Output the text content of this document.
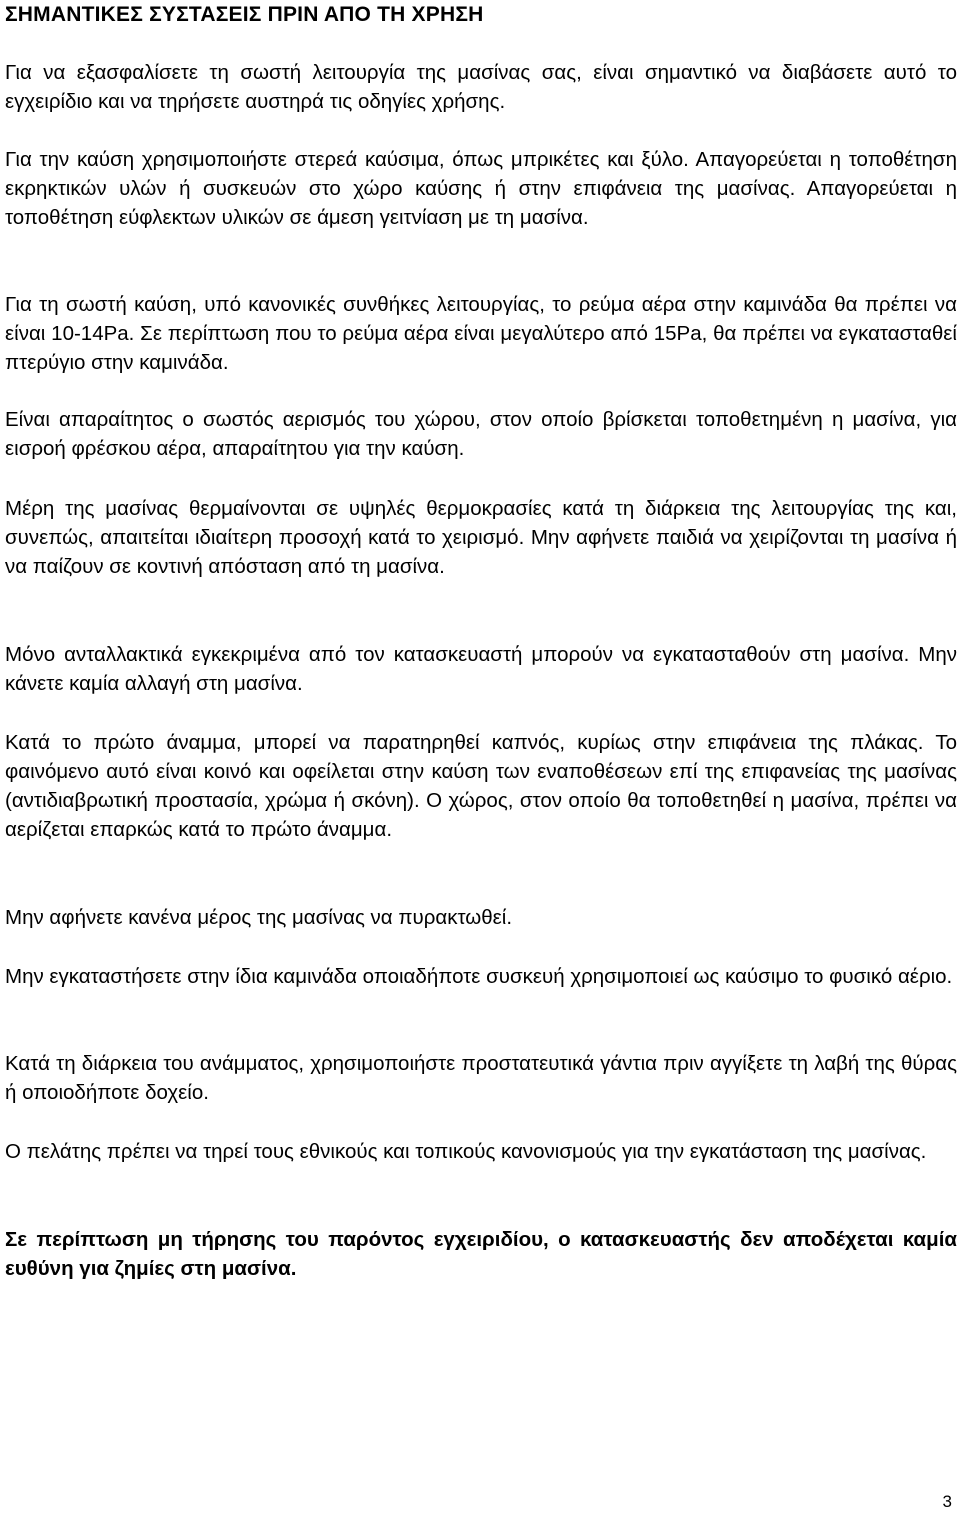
ΣΗΜΑΝΤΙΚΕΣ ΣΥΣΤΑΣΕΙΣ ΠΡΙΝ ΑΠΟ ΤΗ ΧΡΗΣΗ

Για να εξασφαλίσετε τη σωστή λειτουργία της μασίνας σας, είναι σημαντικό να διαβάσετε αυτό το εγχειρίδιο και να τηρήσετε αυστηρά τις οδηγίες χρήσης.

Για την καύση χρησιμοποιήστε στερεά καύσιμα, όπως μπρικέτες και ξύλο. Απαγορεύεται η τοποθέτηση εκρηκτικών υλών ή συσκευών στο χώρο καύσης ή στην επιφάνεια της μασίνας. Απαγορεύεται η τοποθέτηση εύφλεκτων υλικών σε άμεση γειτνίαση με τη μασίνα.

Για τη σωστή καύση, υπό κανονικές συνθήκες λειτουργίας, το ρεύμα αέρα στην καμινάδα θα πρέπει να είναι 10-14Pa. Σε περίπτωση που το ρεύμα αέρα είναι μεγαλύτερο από 15Pa, θα πρέπει να εγκατασταθεί πτερύγιο στην καμινάδα.

Είναι απαραίτητος ο σωστός αερισμός του χώρου, στον οποίο βρίσκεται τοποθετημένη η μασίνα, για εισροή φρέσκου αέρα, απαραίτητου για την καύση.

Μέρη της μασίνας θερμαίνονται σε υψηλές θερμοκρασίες κατά τη διάρκεια της λειτουργίας της και, συνεπώς, απαιτείται ιδιαίτερη προσοχή κατά το χειρισμό. Μην αφήνετε παιδιά να χειρίζονται τη μασίνα ή να παίζουν σε κοντινή απόσταση από τη μασίνα.

Μόνο ανταλλακτικά εγκεκριμένα από τον κατασκευαστή μπορούν να εγκατασταθούν στη μασίνα. Μην κάνετε καμία αλλαγή στη μασίνα.

Κατά το πρώτο άναμμα, μπορεί να παρατηρηθεί καπνός, κυρίως στην επιφάνεια της πλάκας. Το φαινόμενο αυτό είναι κοινό και οφείλεται στην καύση των εναποθέσεων επί της επιφανείας της μασίνας (αντιδιαβρωτική προστασία, χρώμα ή σκόνη). Ο χώρος, στον οποίο θα τοποθετηθεί η μασίνα, πρέπει να αερίζεται επαρκώς κατά το πρώτο άναμμα.

Μην αφήνετε κανένα μέρος της μασίνας να πυρακτωθεί.

Μην εγκαταστήσετε στην ίδια καμινάδα οποιαδήποτε συσκευή χρησιμοποιεί ως καύσιμο το φυσικό αέριο.

Κατά τη διάρκεια του ανάμματος, χρησιμοποιήστε προστατευτικά γάντια πριν αγγίξετε τη λαβή της θύρας ή οποιοδήποτε δοχείο.

Ο πελάτης πρέπει να τηρεί τους εθνικούς και τοπικούς κανονισμούς για την εγκατάσταση της μασίνας.

Σε περίπτωση μη τήρησης του παρόντος εγχειριδίου, ο κατασκευαστής δεν αποδέχεται καμία ευθύνη για ζημίες στη μασίνα.

3
